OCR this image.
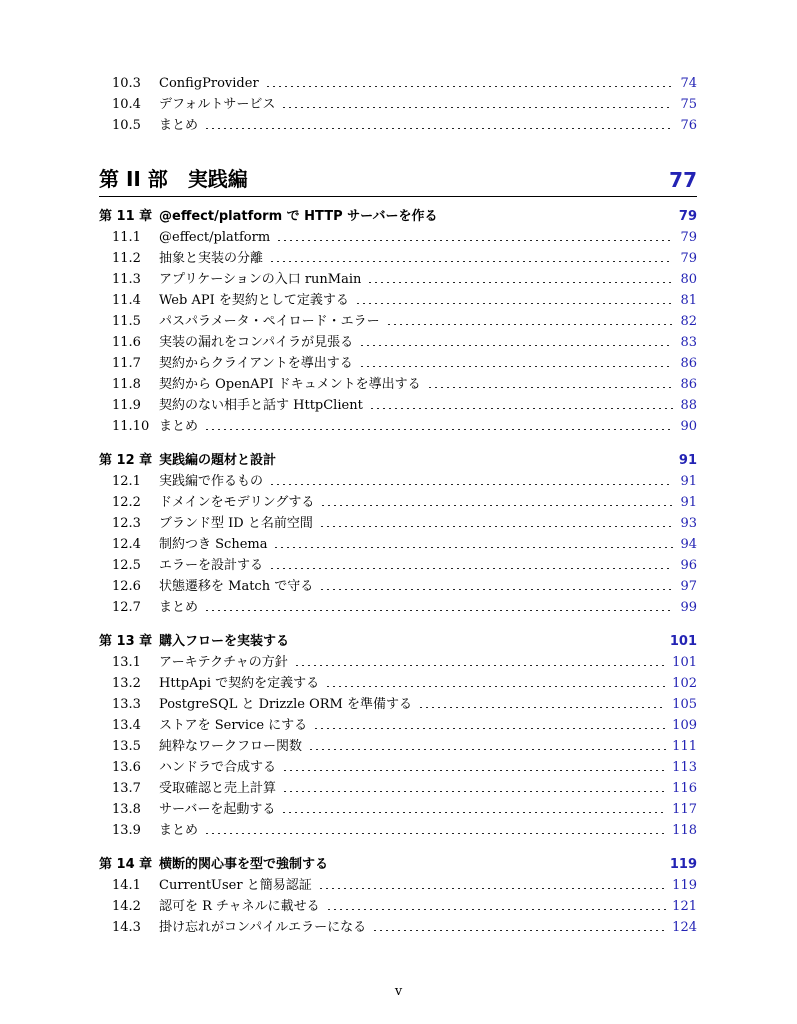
10.3	ConfigProvider	74
10.4	デフォルトサービス	75
10.5	まとめ	76
第 II 部　実践編	77
第 11 章 @effect/platform で HTTP サーバーを作る	79
11.1	@effect/platform	79
11.2	抽象と実装の分離	79
11.3	アプリケーションの入口 runMain	80
11.4	Web API を契約として定義する	81
11.5	パスパラメータ・ペイロード・エラー	82
11.6	実装の漏れをコンパイラが見張る	83
11.7	契約からクライアントを導出する	86
11.8	契約から OpenAPI ドキュメントを導出する	86
11.9	契約のない相手と話す HttpClient	88
11.10 まとめ	90
第 12 章 実践編の題材と設計	91
12.1	実践編で作るもの	91
12.2	ドメインをモデリングする	91
12.3	ブランド型 ID と名前空間	93
12.4	制約つき Schema	94
12.5	エラーを設計する	96
12.6	状態遷移を Match で守る	97
12.7	まとめ	99
第 13 章 購入フローを実装する	101
13.1	アーキテクチャの方針	101
13.2	HttpApi で契約を定義する	102
13.3	PostgreSQL と Drizzle ORM を準備する	105
13.4	ストアを Service にする	109
13.5	純粋なワークフロー関数	111
13.6	ハンドラで合成する	113
13.7	受取確認と売上計算	116
13.8	サーバーを起動する	117
13.9	まとめ	118
第 14 章 横断的関心事を型で強制する	119
14.1	CurrentUser と簡易認証	119
14.2	認可を R チャネルに載せる	121
14.3	掛け忘れがコンパイルエラーになる	124
v
